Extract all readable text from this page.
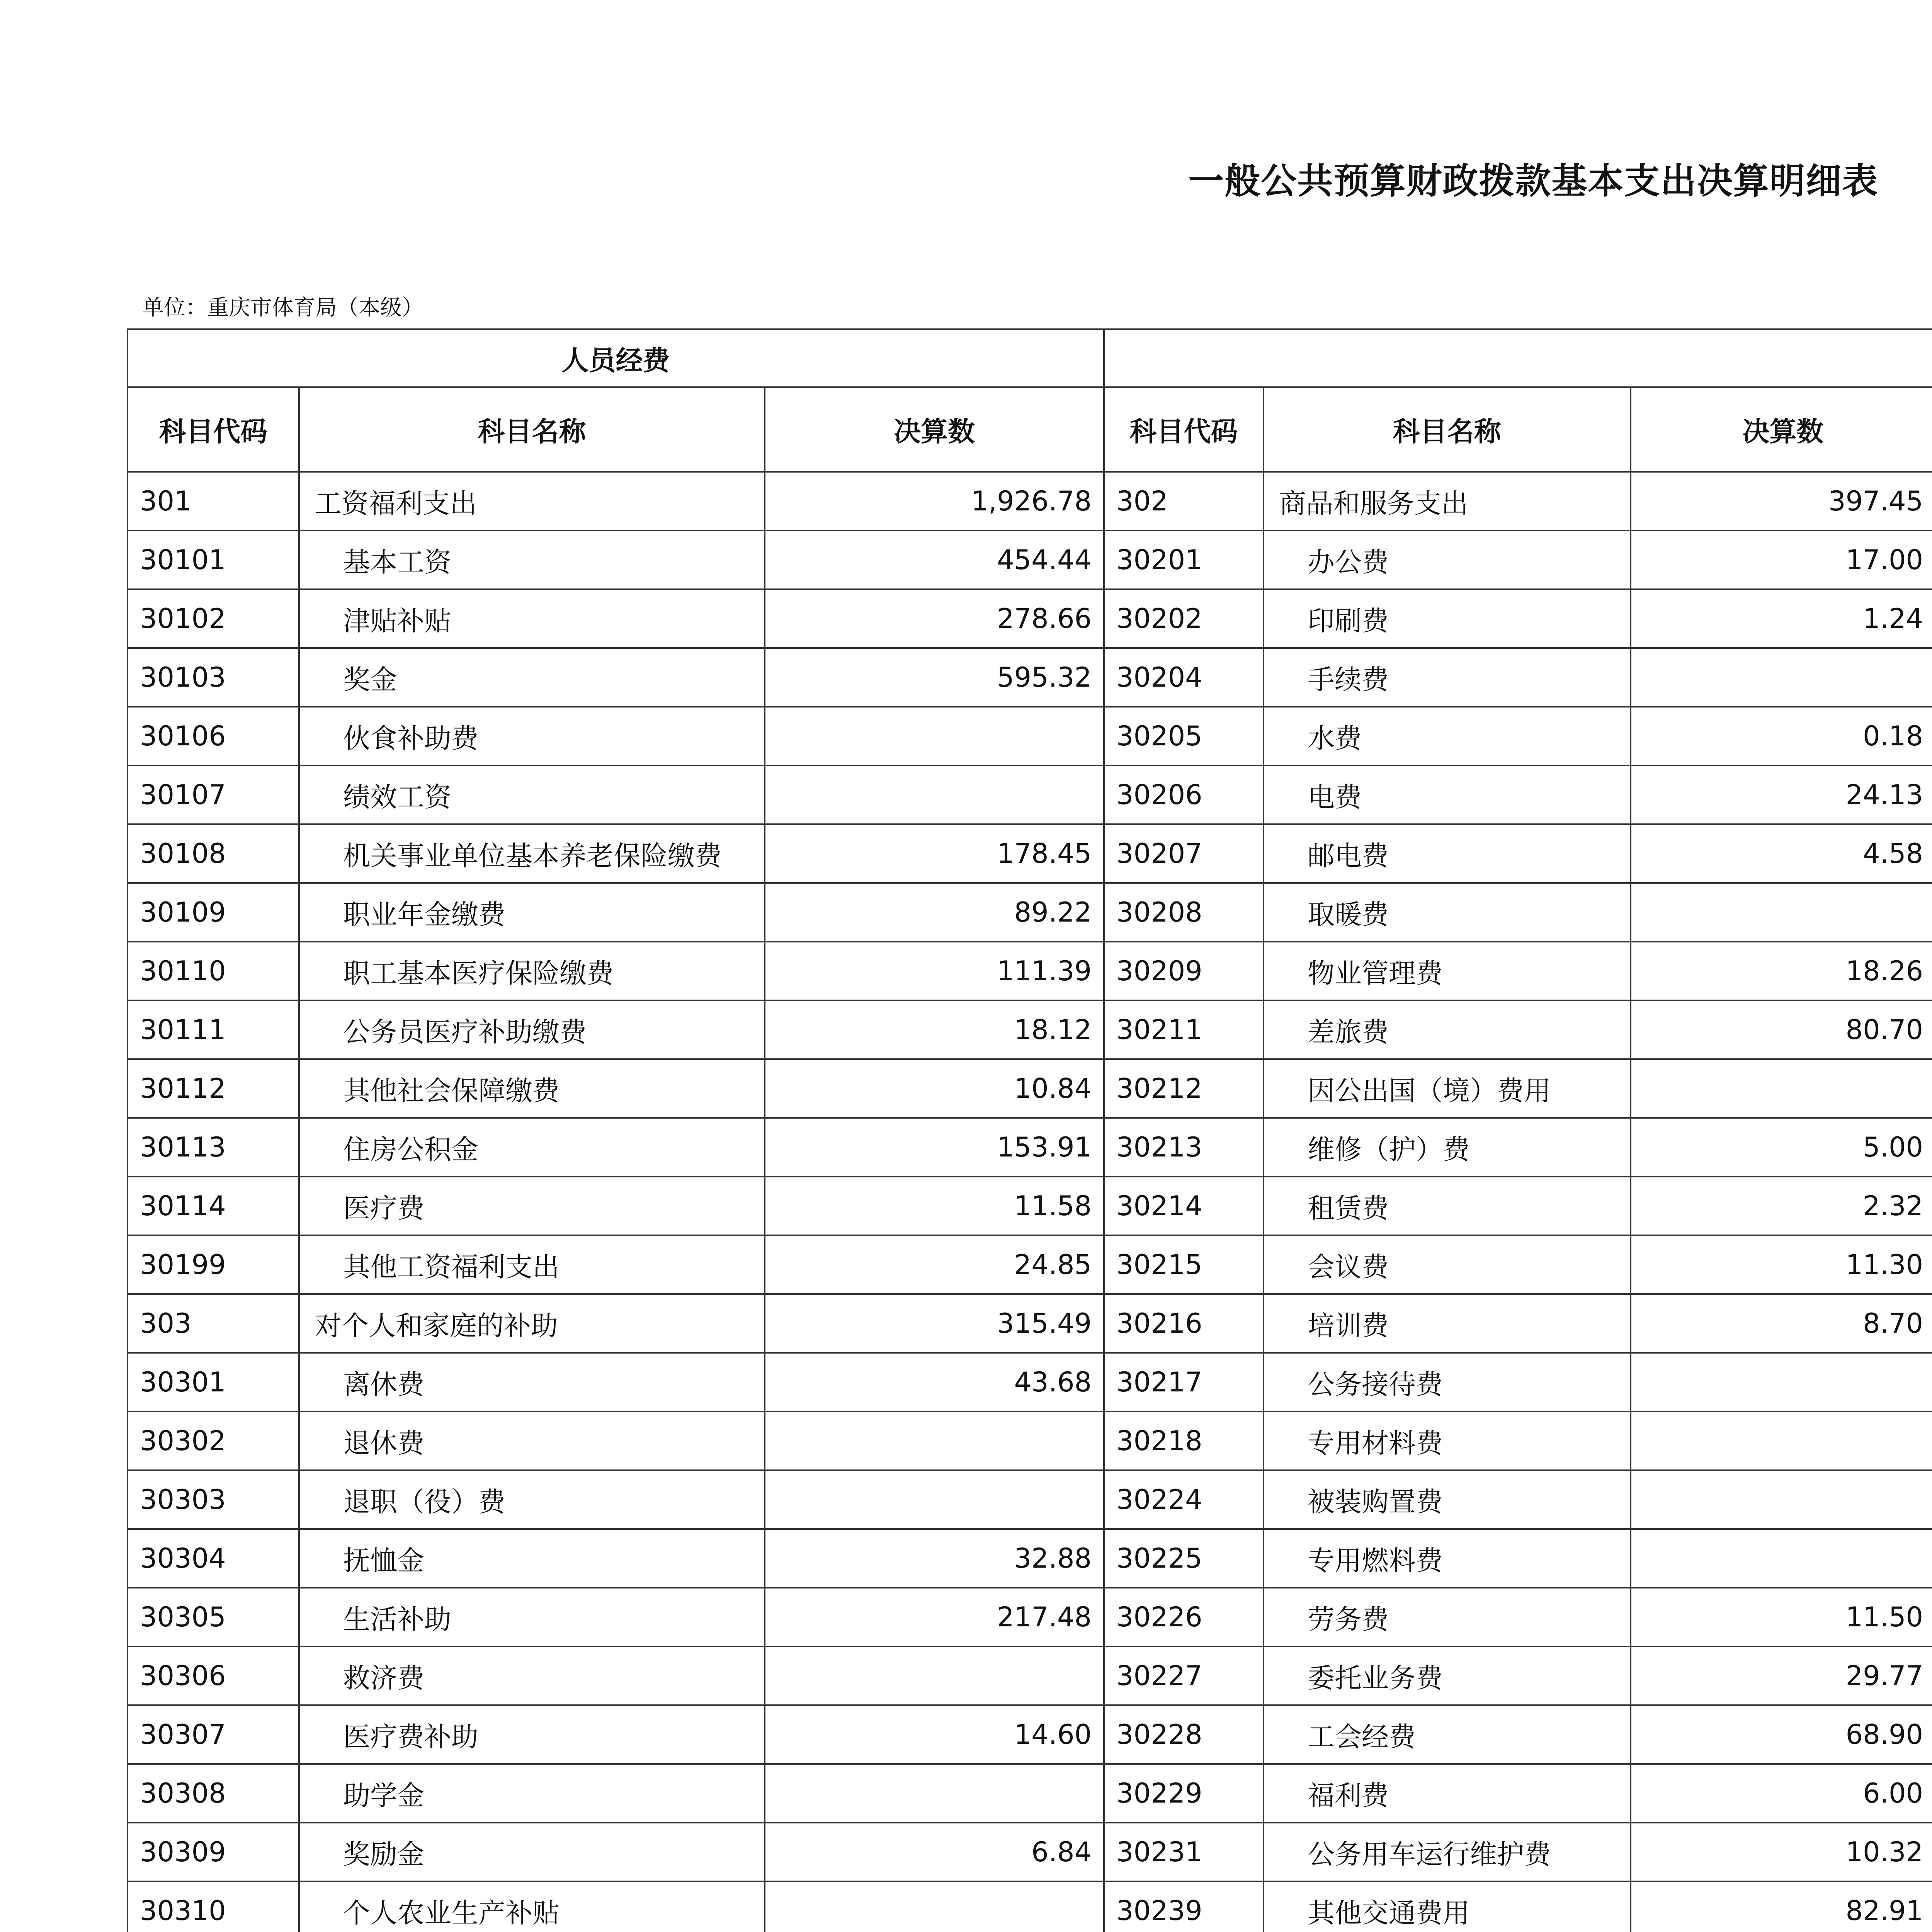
一般公共预算财政拨款基本支出决算明细表
单位：重庆市体育局（本级）
人员经费	
科目代码	科目名称	决算数	科目代码	科目名称	决算数			
301	工资福利支出	1,926.78	302	商品和服务支出	397.45			
30101	基本工资	454.44	30201	办公费	17.00			
30102	津贴补贴	278.66	30202	印刷费	1.24			
30103	奖金	595.32	30204	手续费				
30106	伙食补助费		30205	水费	0.18			
30107	绩效工资		30206	电费	24.13			
30108	机关事业单位基本养老保险缴费	178.45	30207	邮电费	4.58			
30109	职业年金缴费	89.22	30208	取暖费				
30110	职工基本医疗保险缴费	111.39	30209	物业管理费	18.26			
30111	公务员医疗补助缴费	18.12	30211	差旅费	80.70			
30112	其他社会保障缴费	10.84	30212	因公出国（境）费用				
30113	住房公积金	153.91	30213	维修（护）费	5.00			
30114	医疗费	11.58	30214	租赁费	2.32			
30199	其他工资福利支出	24.85	30215	会议费	11.30			
303	对个人和家庭的补助	315.49	30216	培训费	8.70			
30301	离休费	43.68	30217	公务接待费				
30302	退休费		30218	专用材料费				
30303	退职（役）费		30224	被装购置费				
30304	抚恤金	32.88	30225	专用燃料费				
30305	生活补助	217.48	30226	劳务费	11.50			
30306	救济费		30227	委托业务费	29.77			
30307	医疗费补助	14.60	30228	工会经费	68.90			
30308	助学金		30229	福利费	6.00			
30309	奖励金	6.84	30231	公务用车运行维护费	10.32			
30310	个人农业生产补贴		30239	其他交通费用	82.91			
